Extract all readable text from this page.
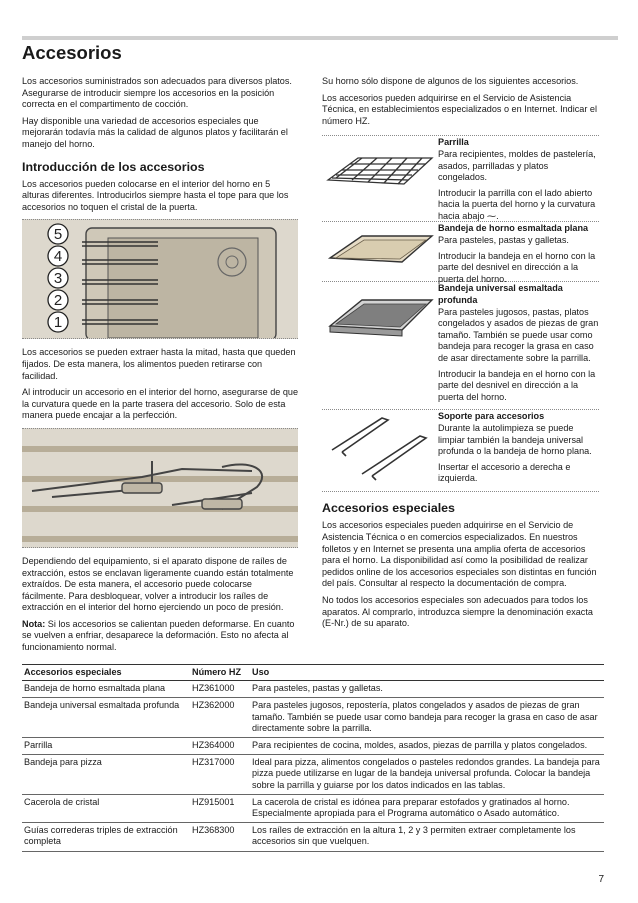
Accesorios

Los accesorios suministrados son adecuados para diversos platos. Asegurarse de introducir siempre los accesorios en la posición correcta en el compartimento de cocción.

Hay disponible una variedad de accesorios especiales que mejorarán todavía más la calidad de algunos platos y facilitarán el manejo del horno.

Introducción de los accesorios

Los accesorios pueden colocarse en el interior del horno en 5 alturas diferentes. Introducirlos siempre hasta el tope para que los accesorios no toquen el cristal de la puerta.

5
4
3
2
1

Los accesorios se pueden extraer hasta la mitad, hasta que queden fijados. De esta manera, los alimentos pueden retirarse con facilidad.

Al introducir un accesorio en el interior del horno, asegurarse de que la curvatura quede en la parte trasera del accesorio. Solo de esta manera puede encajar a la perfección.

Dependiendo del equipamiento, si el aparato dispone de raíles de extracción, estos se enclavan ligeramente cuando están totalmente extraídos. De esta manera, el accesorio puede colocarse fácilmente. Para desbloquear, volver a introducir los raíles de extracción en el interior del horno ejerciendo un poco de presión.

Nota: Si los accesorios se calientan pueden deformarse. En cuanto se vuelven a enfriar, desaparece la deformación. Esto no afecta al funcionamiento normal.

Su horno sólo dispone de algunos de los siguientes accesorios.

Los accesorios pueden adquirirse en el Servicio de Asistencia Técnica, en establecimientos especializados o en Internet. Indicar el número HZ.

Parrilla

Para recipientes, moldes de pastelería, asados, parrilladas y platos congelados.

Introducir la parrilla con el lado abierto hacia la puerta del horno y la curvatura hacia abajo ⁓.

Bandeja de horno esmaltada plana

Para pasteles, pastas y galletas.

Introducir la bandeja en el horno con la parte del desnivel en dirección a la puerta del horno.

Bandeja universal esmaltada profunda

Para pasteles jugosos, pastas, platos congelados y asados de piezas de gran tamaño. También se puede usar como bandeja para recoger la grasa en caso de asar directamente sobre la parrilla.

Introducir la bandeja en el horno con la parte del desnivel en dirección a la puerta del horno.

Soporte para accesorios

Durante la autolimpieza se puede limpiar también la bandeja universal profunda o la bandeja de horno plana.

Insertar el accesorio a derecha e izquierda.

Accesorios especiales

Los accesorios especiales pueden adquirirse en el Servicio de Asistencia Técnica o en comercios especializados. En nuestros folletos y en Internet se presenta una amplia oferta de accesorios para el horno. La disponibilidad así como la posibilidad de realizar pedidos online de los accesorios especiales son distintas en función del país. Consultar al respecto la documentación de compra.

No todos los accesorios especiales son adecuados para todos los aparatos. Al comprarlo, introduzca siempre la denominación exacta (E-Nr.) de su aparato.

Accesorios especiales	Número HZ	Uso
Bandeja de horno esmaltada plana	HZ361000	Para pasteles, pastas y galletas.
Bandeja universal esmaltada profunda	HZ362000	Para pasteles jugosos, repostería, platos congelados y asados de piezas de gran tamaño. También se puede usar como bandeja para recoger la grasa en caso de asar directamente sobre la parrilla.
Parrilla	HZ364000	Para recipientes de cocina, moldes, asados, piezas de parrilla y platos congelados.
Bandeja para pizza	HZ317000	Ideal para pizza, alimentos congelados o pasteles redondos grandes. La bandeja para pizza puede utilizarse en lugar de la bandeja universal profunda. Colocar la bandeja sobre la parrilla y guiarse por los datos indicados en las tablas.
Cacerola de cristal	HZ915001	La cacerola de cristal es idónea para preparar estofados y gratinados al horno. Especialmente apropiada para el Programa automático o Asado automático.
Guías correderas triples de extracción completa	HZ368300	Los raíles de extracción en la altura 1, 2 y 3 permiten extraer completamente los accesorios sin que vuelquen.
7
